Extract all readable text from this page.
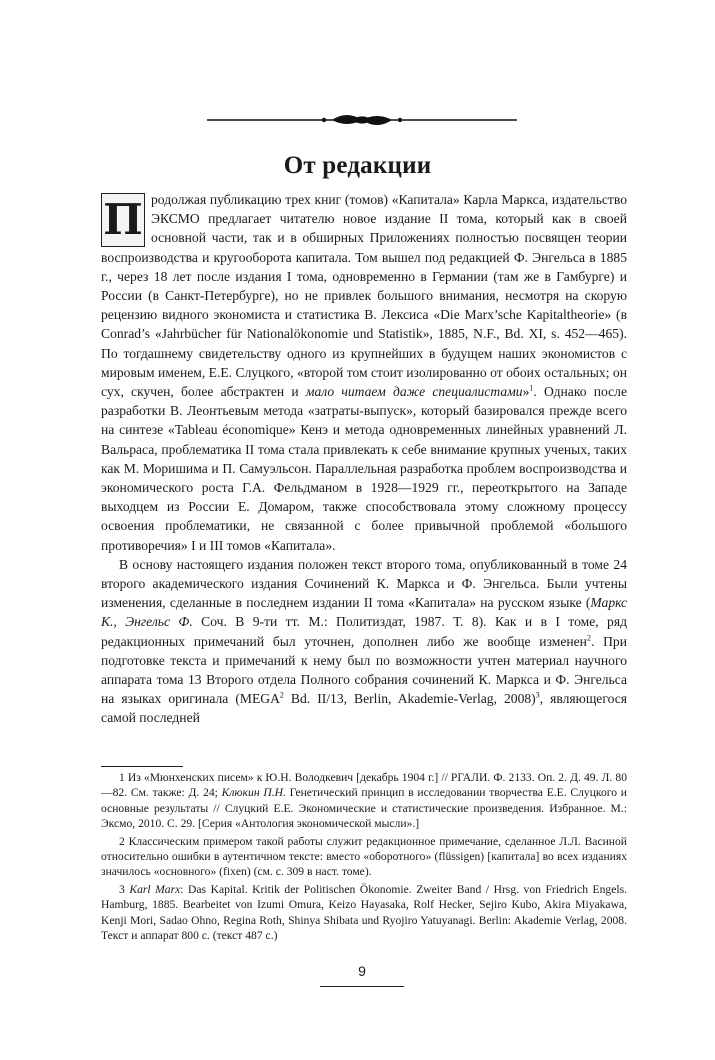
От редакции

П родолжая публикацию трех книг (томов) «Капитала» Карла Маркса, издательство ЭКСМО предлагает читателю новое издание II тома, который как в своей основной части, так и в обширных Приложениях полностью посвящен теории воспроизводства и кругооборота капитала. Том вышел под редакцией Ф. Энгельса в 1885 г., через 18 лет после издания I тома, одновременно в Германии (там же в Гамбурге) и России (в Санкт-Петербурге), но не привлек большого внимания, несмотря на скорую рецензию видного экономиста и статистика В. Лексиса «Die Marx’sche Kapitaltheorie» (в Conrad’s «Jahrbücher für Nationalökonomie und Statistik», 1885, N.F., Bd. XI, s. 452—465). По тогдашнему свидетельству одного из крупнейших в будущем наших экономистов с мировым именем, Е.Е. Слуцкого, «второй том стоит изолированно от обоих остальных; он сух, скучен, более абстрактен и мало читаем даже специалистами»$^1$. Однако после разработки В. Леонтьевым метода «затраты-выпуск», который базировался прежде всего на синтезе «Tableau économique» Кенэ и метода одновременных линейных уравнений Л. Вальраса, проблематика II тома стала привлекать к себе внимание крупных ученых, таких как М. Моришима и П. Самуэльсон. Параллельная разработка проблем воспроизводства и экономического роста Г.А. Фельдманом в 1928—1929 гг., переоткрытого на Западе выходцем из России Е. Домаром, также способствовала этому сложному процессу освоения проблематики, не связанной с более привычной проблемой «большого противоречия» I и III томов «Капитала».

В основу настоящего издания положен текст второго тома, опубликованный в томе 24 второго академического издания Сочинений К. Маркса и Ф. Энгельса. Были учтены изменения, сделанные в последнем издании II тома «Капитала» на русском языке (Маркс К., Энгельс Ф. Соч. В 9-ти тт. М.: Политиздат, 1987. Т. 8). Как и в I томе, ряд редакционных примечаний был уточнен, дополнен либо же вообще изменен$^2$. При подготовке текста и примечаний к нему был по возможности учтен материал научного аппарата тома 13 Второго отдела Полного собрания сочинений К. Маркса и Ф. Энгельса на языках оригинала (MEGA$^2$ Bd. II/13, Berlin, Akademie-Verlag, 2008)$^3$, являющегося самой последней

1 Из «Мюнхенских писем» к Ю.Н. Володкевич [декабрь 1904 г.] // РГАЛИ. Ф. 2133. Оп. 2. Д. 49. Л. 80—82. См. также: Д. 24; Клюкин П.Н. Генетический принцип в исследовании творчества Е.Е. Слуцкого и основные результаты // Слуцкий Е.Е. Экономические и статистические произведения. Избранное. М.: Эксмо, 2010. С. 29. [Серия «Антология экономической мысли».]

2 Классическим примером такой работы служит редакционное примечание, сделанное Л.Л. Васиной относительно ошибки в аутентичном тексте: вместо «оборотного» (flüssigen) [капитала] во всех изданиях значилось «основного» (fixen) (см. с. 309 в наст. томе).

3 Karl Marx: Das Kapital. Kritik der Politischen Ökonomie. Zweiter Band / Hrsg. von Friedrich Engels. Hamburg, 1885. Bearbeitet von Izumi Omura, Keizo Hayasaka, Rolf Hecker, Sejiro Kubo, Akira Miyakawa, Kenji Mori, Sadao Ohno, Regina Roth, Shinya Shibata und Ryojiro Yatuyanagi. Berlin: Akademie Verlag, 2008. Текст и аппарат 800 с. (текст 487 с.)

9
